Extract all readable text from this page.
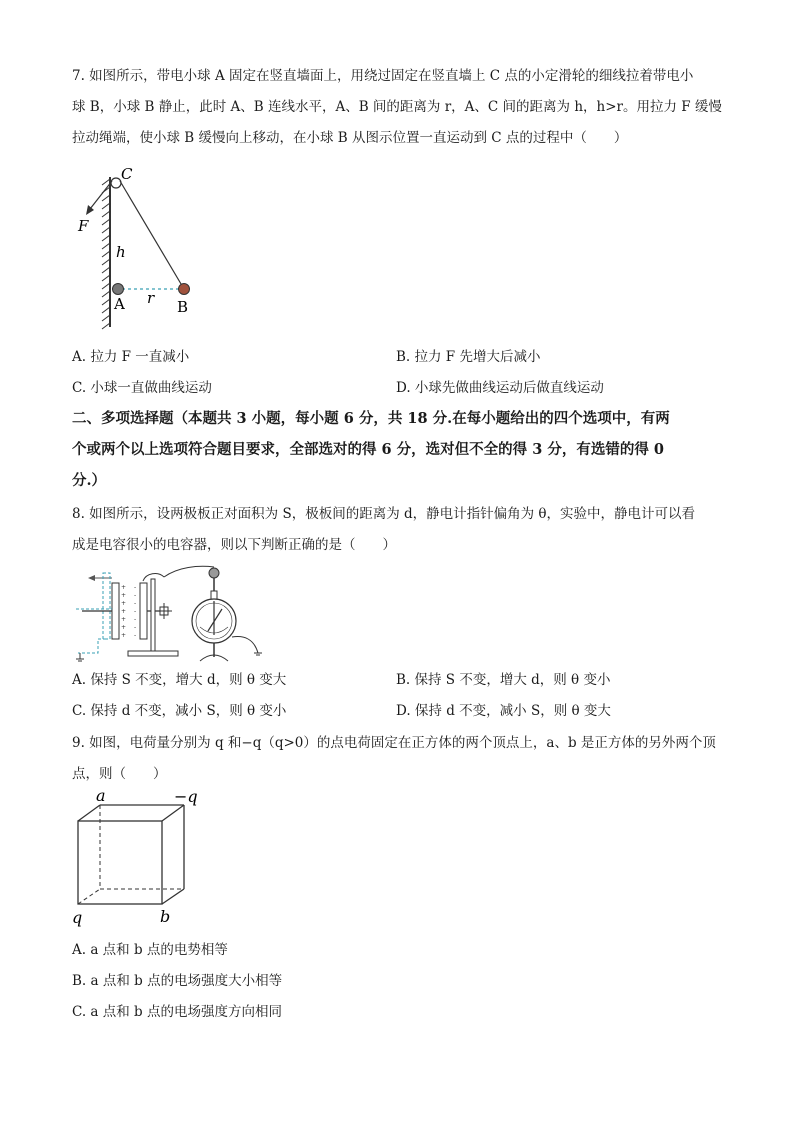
7. 如图所示，带电小球 A 固定在竖直墙面上，用绕过固定在竖直墙上 C 点的小定滑轮的细线拉着带电小
球 B，小球 B 静止，此时 A、B 连线水平，A、B 间的距离为 r，A、C 间的距离为 h，h>r。用拉力 F 缓慢
拉动绳端，使小球 B 缓慢向上移动，在小球 B 从图示位置一直运动到 C 点的过程中（　　）
C
F
h
A r B
A. 拉力 F 一直减小	B. 拉力 F 先增大后减小
C. 小球一直做曲线运动	D. 小球先做曲线运动后做直线运动
二、多项选择题（本题共 3 小题，每小题 6 分，共 18 分.在每小题给出的四个选项中，有两
个或两个以上选项符合题目要求，全部选对的得 6 分，选对但不全的得 3 分，有选错的得 0
分.）
8. 如图所示，设两极板正对面积为 S，极板间的距离为 d，静电计指针偏角为 θ，实验中，静电计可以看
成是电容很小的电容器，则以下判断正确的是（　　）
+
+
+
+
+
+
+
-
-
-
-
-
-
-
A. 保持 S 不变，增大 d，则 θ 变大	B. 保持 S 不变，增大 d，则 θ 变小
C. 保持 d 不变，减小 S，则 θ 变小	D. 保持 d 不变，减小 S，则 θ 变大
9. 如图，电荷量分别为 q 和−q（q>0）的点电荷固定在正方体的两个顶点上，a、b 是正方体的另外两个顶
点，则（　　）
a	−q
q	b
A. a 点和 b 点的电势相等
B. a 点和 b 点的电场强度大小相等
C. a 点和 b 点的电场强度方向相同
